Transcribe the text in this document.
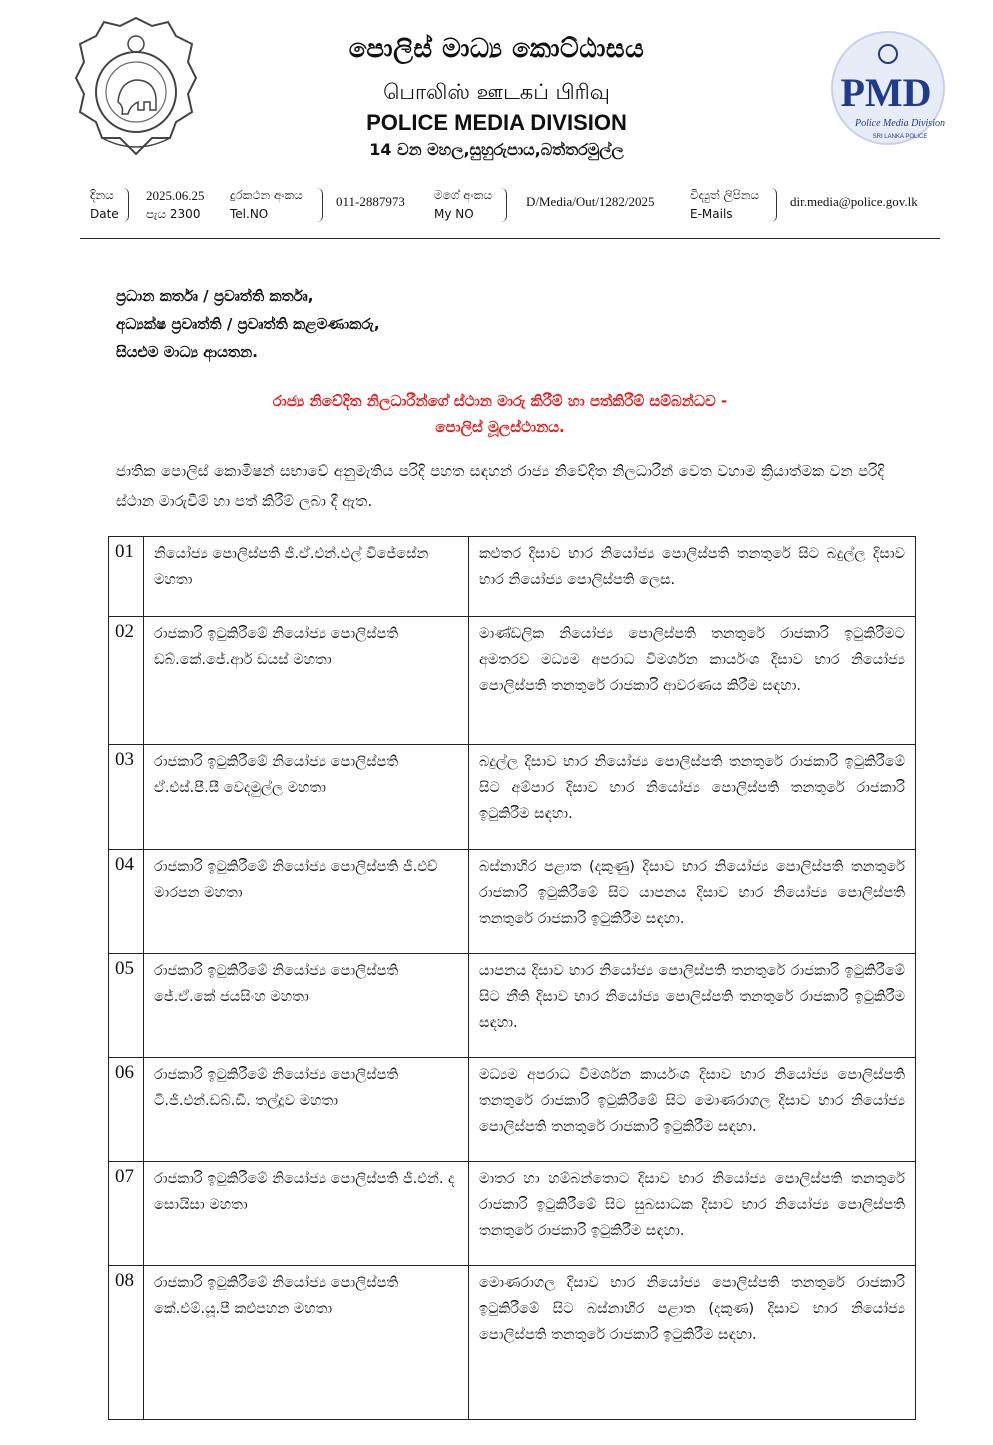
PMD
Police Media Division
SRI LANKA POLICE
පොලිස් මාධ්‍ය කොට්ඨාසය
பொலிஸ் ஊடகப் பிரிவு
POLICE MEDIA DIVISION
14 වන මහල,සුහුරුපාය,බත්තරමුල්ල
දිනය
Date
2025.06.25
පැය 2300
දුරකථන අංකය
Tel.NO
011-2887973 මගේ අංකය
My NO
D/Media/Out/1282/2025	විද්‍යුත් ලිපිනය
E-Mails
dir.media@police.gov.lk
ප්‍රධාන කර්තෘ / ප්‍රවෘත්ති කර්තෘ,
අධ්‍යක්ෂ ප්‍රවෘත්ති / ප්‍රවෘත්ති කළමණාකරු,
සියළුම මාධ්‍ය ආයතන.
රාජ්‍ය නිවේදිත නිලධාරීන්ගේ ස්ථාන මාරු කිරීම් හා පත්කිරීම් සම්බන්ධව -
පොලිස් මූලස්ථානය.
ජාතික පොලිස් කොමිෂන් සභාවේ අනුමැතිය පරිදි පහත සඳහන් රාජ්‍ය නිවේදිත නිලධාරීන් වෙත වහාම ක්‍රියාත්මක වන පරිදි ස්ථාන මාරුවීම් හා පත් කිරීම් ලබා දී ඇත.
01	නියෝජ්‍ය පොලිස්පති ජී.ඒ.එන්.එල් විජේසේන මහතා	කළුතර දිසාව භාර නියෝජ්‍ය පොලිස්පති තනතුරේ සිට බදුල්ල දිසාව භාර නියෝජ්‍ය පොලිස්පති ලෙස.
02	රාජකාරි ඉටුකිරීමේ නියෝජ්‍ය පොලිස්පති ඩබ්.කේ.ජේ.ආර් ඩයස් මහතා	මාණ්ඩලික නියෝජ්‍ය පොලිස්පති තනතුරේ රාජකාරි ඉටුකිරීමට අමතරව මධ්‍යම අපරාධ විමර්ශන කාර්යංශ දිසාව භාර නියෝජ්‍ය පොලිස්පති තනතුරේ රාජකාරි ආවරණය කිරීම සඳහා.
03	රාජකාරි ඉටුකිරීමේ නියෝජ්‍ය පොලිස්පති ඒ.එස්.පී.සී වෙදමුල්ල මහතා	බදුල්ල දිසාව භාර නියෝජ්‍ය පොලිස්පති තනතුරේ රාජකාරි ඉටුකිරීමේ සිට අම්පාර දිසාව භාර නියෝජ්‍ය පොලිස්පති තනතුරේ රාජකාරි ඉටුකිරීම සඳහා.
04	රාජකාරි ඉටුකිරීමේ නියෝජ්‍ය පොලිස්පති ජී.එච් මාරපන මහතා	බස්නාහිර පළාත (දකුණු) දිසාව භාර නියෝජ්‍ය පොලිස්පති තනතුරේ රාජකාරි ඉටුකිරීමේ සිට යාපනය දිසාව භාර නියෝජ්‍ය පොලිස්පති තනතුරේ රාජකාරි ඉටුකිරීම සඳහා.
05	රාජකාරි ඉටුකිරීමේ නියෝජ්‍ය පොලිස්පති ජේ.ඒ.කේ ජයසිංහ මහතා	යාපනය දිසාව භාර නියෝජ්‍ය පොලිස්පති තනතුරේ රාජකාරි ඉටුකිරීමේ සිට නීති දිසාව භාර නියෝජ්‍ය පොලිස්පති තනතුරේ රාජකාරි ඉටුකිරීම සඳහා.
06	රාජකාරි ඉටුකිරීමේ නියෝජ්‍ය පොලිස්පති ටී.ජී.එන්.ඩබ්.ඩී. තල්දූව මහතා	මධ්‍යම අපරාධ විමර්ශන කාර්යංශ දිසාව භාර නියෝජ්‍ය පොලිස්පති තනතුරේ රාජකාරි ඉටුකිරීමේ සිට මොණරාගල දිසාව භාර නියෝජ්‍ය පොලිස්පති තනතුරේ රාජකාරි ඉටුකිරීම සඳහා.
07	රාජකාරි ඉටුකිරීමේ නියෝජ්‍ය පොලිස්පති ජී.එන්. ද සොයිසා මහතා	මාතර හා හම්බන්තොට දිසාව භාර නියෝජ්‍ය පොලිස්පති තනතුරේ රාජකාරි ඉටුකිරීමේ සිට සුබසාධක දිසාව භාර නියෝජ්‍ය පොලිස්පති තනතුරේ රාජකාරි ඉටුකිරීම සඳහා.
08	රාජකාරි ඉටුකිරීමේ නියෝජ්‍ය පොලිස්පති කේ.එම්.යූ.පී කළුපහන මහතා	මොණරාගල දිසාව භාර නියෝජ්‍ය පොලිස්පති තනතුරේ රාජකාරි ඉටුකිරීමේ සිට බස්නාහිර පළාත (දකුණ) දිසාව භාර නියෝජ්‍ය පොලිස්පති තනතුරේ රාජකාරි ඉටුකිරීම සඳහා.
